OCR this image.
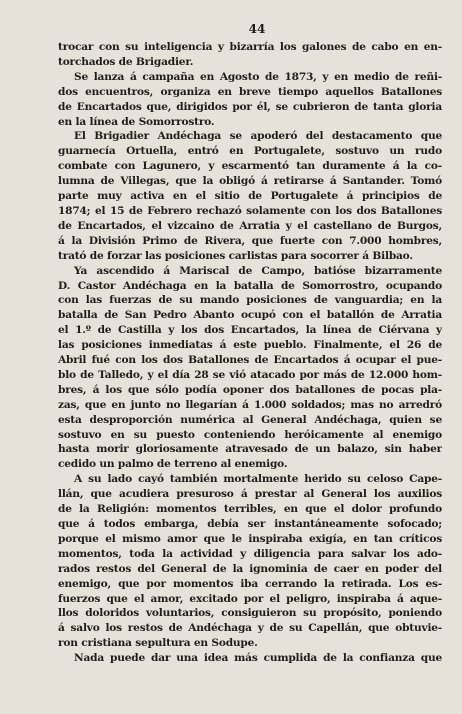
44
trocar con su inteligencia y bizarría los galones de cabo en en-
torchados de Brigadier.
Se lanza á campaña en Agosto de 1873, y en medio de reñi-
dos encuentros, organiza en breve tiempo aquellos Batallones
de Encartados que, dirigidos por él, se cubrieron de tanta gloria
en la línea de Somorrostro.
El Brigadier Andéchaga se apoderó del destacamento que
guarnecía Ortuella, entró en Portugalete, sostuvo un rudo
combate con Lagunero, y escarmentó tan duramente á la co-
lumna de Villegas, que la obligó á retirarse á Santander. Tomó
parte muy activa en el sitio de Portugalete á principios de
1874; el 15 de Febrero rechazó solamente con los dos Batallones
de Encartados, el vizcaino de Arratia y el castellano de Burgos,
á la División Primo de Rivera, que fuerte con 7.000 hombres,
trató de forzar las posiciones carlistas para socorrer á Bilbao.
Ya ascendido á Mariscal de Campo, batióse bizarramente
D. Castor Andéchaga en la batalla de Somorrostro, ocupando
con las fuerzas de su mando posiciones de vanguardia; en la
batalla de San Pedro Abanto ocupó con el batallón de Arratia
el 1.º de Castilla y los dos Encartados, la línea de Ciérvana y
las posiciones inmediatas á este pueblo. Finalmente, el 26 de
Abril fué con los dos Batallones de Encartados á ocupar el pue-
blo de Talledo, y el día 28 se vió atacado por más de 12.000 hom-
bres, á los que sólo podía oponer dos batallones de pocas pla-
zas, que en junto no llegarían á 1.000 soldados; mas no arredró
esta desproporción numérica al General Andéchaga, quien se
sostuvo en su puesto conteniendo heróicamente al enemigo
hasta morir gloriosamente atravesado de un balazo, sin haber
cedido un palmo de terreno al enemigo.
A su lado cayó también mortalmente herido su celoso Cape-
llán, que acudiera presuroso á prestar al General los auxilios
de la Religión: momentos terribles, en que el dolor profundo
que á todos embarga, debía ser instantáneamente sofocado;
porque el mismo amor que le inspiraba exigía, en tan críticos
momentos, toda la actividad y diligencia para salvar los ado-
rados restos del General de la ignominia de caer en poder del
enemigo, que por momentos iba cerrando la retirada. Los es-
fuerzos que el amor, excitado por el peligro, inspiraba á aque-
llos doloridos voluntarios, consiguieron su propósito, poniendo
á salvo los restos de Andéchaga y de su Capellán, que obtuvie-
ron cristiana sepultura en Sodupe.
Nada puede dar una idea más cumplida de la confianza que
